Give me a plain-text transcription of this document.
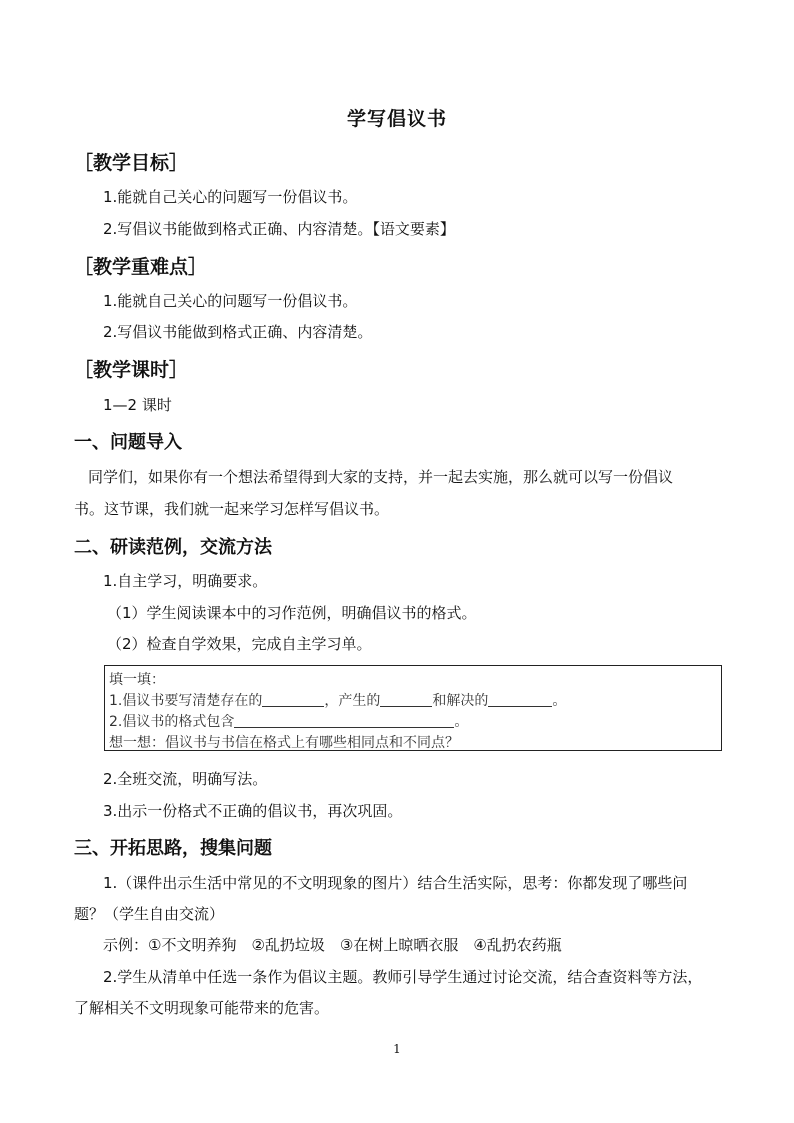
学写倡议书
［教学目标］
1.能就自己关心的问题写一份倡议书。
2.写倡议书能做到格式正确、内容清楚。【语文要素】
［教学重难点］
1.能就自己关心的问题写一份倡议书。
2.写倡议书能做到格式正确、内容清楚。
［教学课时］
1—2 课时
一、问题导入
同学们，如果你有一个想法希望得到大家的支持，并一起去实施，那么就可以写一份倡议
书。这节课，我们就一起来学习怎样写倡议书。
二、研读范例，交流方法
1.自主学习，明确要求。
（1）学生阅读课本中的习作范例，明确倡议书的格式。
（2）检查自学效果，完成自主学习单。
填一填：
1.倡议书要写清楚存在的	，产生的	和解决的	。
2.倡议书的格式包含	。
想一想：倡议书与书信在格式上有哪些相同点和不同点？
2.全班交流，明确写法。
3.出示一份格式不正确的倡议书，再次巩固。
三、开拓思路，搜集问题
1.（课件出示生活中常见的不文明现象的图片）结合生活实际，思考：你都发现了哪些问
题？（学生自由交流）
示例：①不文明养狗　②乱扔垃圾　③在树上晾晒衣服　④乱扔农药瓶
2.学生从清单中任选一条作为倡议主题。教师引导学生通过讨论交流，结合查资料等方法，
了解相关不文明现象可能带来的危害。
1
